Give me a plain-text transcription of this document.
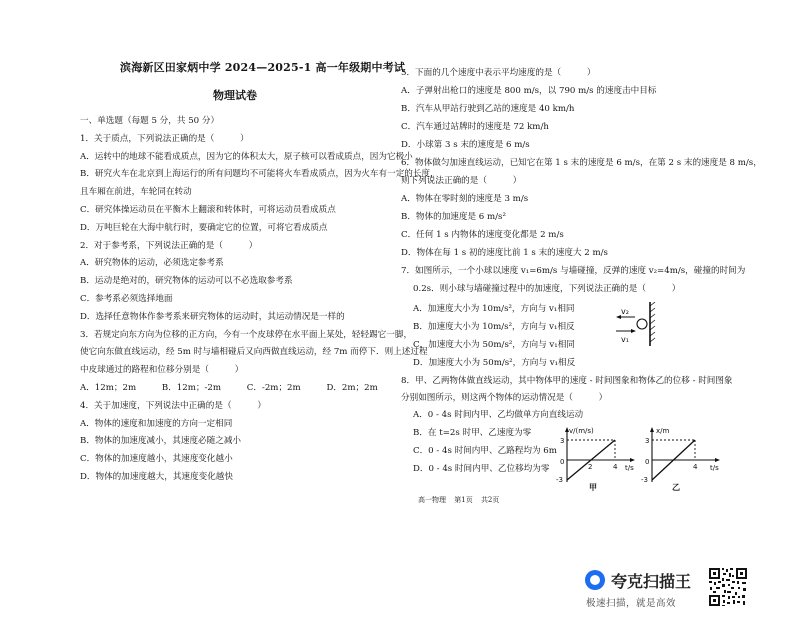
滨海新区田家炳中学 2024—2025-1 高一年级期中考试
物理试卷
一、单选题（每题 5 分，共 50 分）
1．关于质点，下列说法正确的是（　　　）
A．运转中的地球不能看成质点，因为它的体积太大，原子核可以看成质点，因为它极小
B．研究火车在北京到上海运行的所有问题均不可能将火车看成质点，因为火车有一定的长度，
且车厢在前进，车轮同在转动
C．研究体操运动员在平衡木上翻滚和转体时，可将运动员看成质点
D．万吨巨轮在大海中航行时，要确定它的位置，可将它看成质点
2．对于参考系，下列说法正确的是（　　　）
A．研究物体的运动，必须选定参考系
B．运动是绝对的，研究物体的运动可以不必选取参考系
C．参考系必须选择地面
D．选择任意物体作参考系来研究物体的运动时，其运动情况是一样的
3．若规定向东方向为位移的正方向，今有一个皮球停在水平面上某处，轻轻踢它一脚，
使它向东做直线运动，经 5m 时与墙相碰后又向西做直线运动，经 7m 而停下．则上述过程
中皮球通过的路程和位移分别是（　　　）
A．12m；2m　　　B．12m；-2m　　　C．-2m；2m　　　D．2m；2m
4．关于加速度，下列说法中正确的是（　　　）
A．物体的速度和加速度的方向一定相同
B．物体的加速度减小，其速度必随之减小
C．物体的加速度越小，其速度变化越小
D．物体的加速度越大，其速度变化越快
5．下面的几个速度中表示平均速度的是（　　　）
A．子弹射出枪口的速度是 800 m/s，以 790 m/s 的速度击中目标
B．汽车从甲站行驶到乙站的速度是 40 km/h
C．汽车通过站牌时的速度是 72 km/h
D．小球第 3 s 末的速度是 6 m/s
6．物体做匀加速直线运动，已知它在第 1 s 末的速度是 6 m/s，在第 2 s 末的速度是 8 m/s，
则下列说法正确的是（　　　）
A．物体在零时刻的速度是 3 m/s
B．物体的加速度是 6 m/s²
C．任何 1 s 内物体的速度变化都是 2 m/s
D．物体在每 1 s 初的速度比前 1 s 末的速度大 2 m/s
7．如图所示，一个小球以速度 v₁=6m/s 与墙碰撞，反弹的速度 v₂=4m/s，碰撞的时间为
0.2s．则小球与墙碰撞过程中的加速度，下列说法正确的是（　　　）
A．加速度大小为 10m/s²，方向与 v₁相同
B．加速度大小为 10m/s²，方向与 v₁相反
C．加速度大小为 50m/s²，方向与 v₁相同
D．加速度大小为 50m/s²，方向与 v₁相反
8．甲、乙两物体做直线运动，其中物体甲的速度 - 时间图象和物体乙的位移 - 时间图象
分别如图所示，则这两个物体的运动情况是（　　　）
A．0 - 4s 时间内甲、乙均做单方向直线运动
B．在 t=2s 时甲、乙速度为零
C．0 - 4s 时间内甲、乙路程均为 6m
D．0 - 4s 时间内甲、乙位移均为零
v₂
v₁
v/(m/s)
t/s
3
-3
0
2	4
甲
x/m
t/s
3
-3
0
4
乙
高一物理 第1页 共2页
夸克扫描王
极速扫描，就是高效
